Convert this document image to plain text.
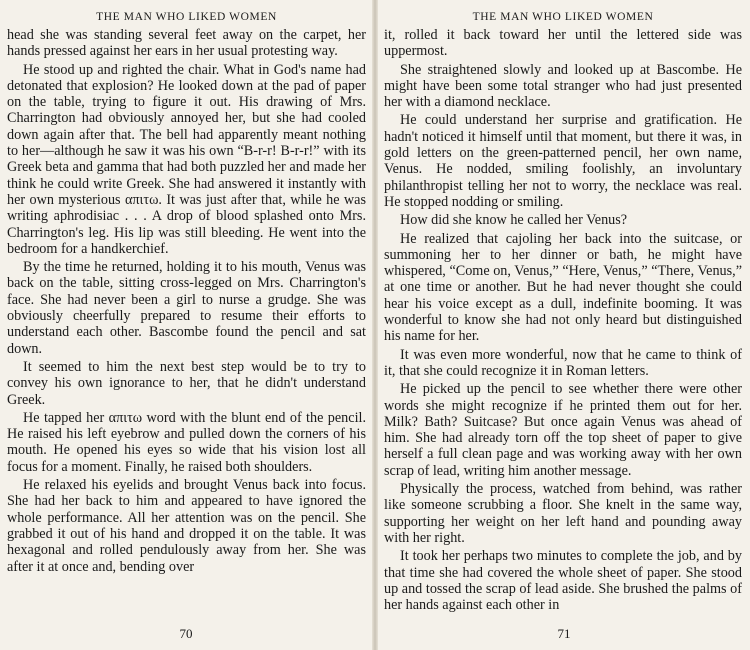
THE MAN WHO LIKED WOMEN

head she was standing several feet away on the carpet, her hands pressed against her ears in her usual protesting way.

He stood up and righted the chair. What in God's name had detonated that explosion? He looked down at the pad of paper on the table, trying to figure it out. His drawing of Mrs. Charrington had obviously annoyed her, but she had cooled down again after that. The bell had apparently meant nothing to her—although he saw it was his own “B-r-r! B-r-r!” with its Greek beta and gamma that had both puzzled her and made her think he could write Greek. She had answered it instantly with her own mysterious απιτω. It was just after that, while he was writing aphrodisiac . . . A drop of blood splashed onto Mrs. Charrington's leg. His lip was still bleeding. He went into the bedroom for a handkerchief.

By the time he returned, holding it to his mouth, Venus was back on the table, sitting cross-legged on Mrs. Charrington's face. She had never been a girl to nurse a grudge. She was obviously cheerfully prepared to resume their efforts to understand each other. Bascombe found the pencil and sat down.

It seemed to him the next best step would be to try to convey his own ignorance to her, that he didn't understand Greek.

He tapped her απιτω word with the blunt end of the pencil. He raised his left eyebrow and pulled down the corners of his mouth. He opened his eyes so wide that his vision lost all focus for a moment. Finally, he raised both shoulders.

He relaxed his eyelids and brought Venus back into focus. She had her back to him and appeared to have ignored the whole performance. All her attention was on the pencil. She grabbed it out of his hand and dropped it on the table. It was hexagonal and rolled pendulously away from her. She was after it at once and, bending over

70
THE MAN WHO LIKED WOMEN

it, rolled it back toward her until the lettered side was uppermost.

She straightened slowly and looked up at Bascombe. He might have been some total stranger who had just presented her with a diamond necklace.

He could understand her surprise and gratification. He hadn't noticed it himself until that moment, but there it was, in gold letters on the green-patterned pencil, her own name, Venus. He nodded, smiling foolishly, an involuntary philanthropist telling her not to worry, the necklace was real. He stopped nodding or smiling.

How did she know he called her Venus?

He realized that cajoling her back into the suitcase, or summoning her to her dinner or bath, he might have whispered, “Come on, Venus,” “Here, Venus,” “There, Venus,” at one time or another. But he had never thought she could hear his voice except as a dull, indefinite booming. It was wonderful to know she had not only heard but distinguished his name for her.

It was even more wonderful, now that he came to think of it, that she could recognize it in Roman letters.

He picked up the pencil to see whether there were other words she might recognize if he printed them out for her. Milk? Bath? Suitcase? But once again Venus was ahead of him. She had already torn off the top sheet of paper to give herself a full clean page and was working away with her own scrap of lead, writing him another message.

Physically the process, watched from behind, was rather like someone scrubbing a floor. She knelt in the same way, supporting her weight on her left hand and pounding away with her right.

It took her perhaps two minutes to complete the job, and by that time she had covered the whole sheet of paper. She stood up and tossed the scrap of lead aside. She brushed the palms of her hands against each other in

71
